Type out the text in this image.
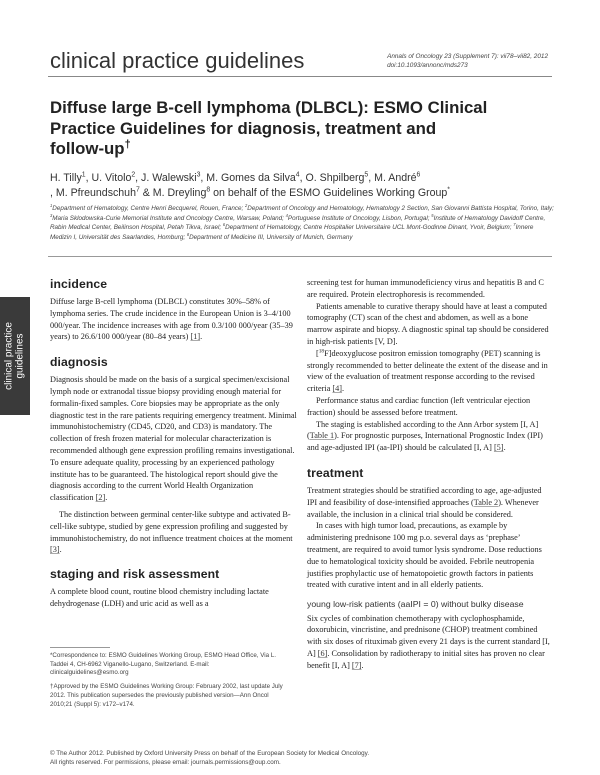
clinical practice guidelines	Annals of Oncology 23 (Supplement 7): vii78–vii82, 2012
doi:10.1093/annonc/mds273
Diffuse large B-cell lymphoma (DLBCL): ESMO Clinical
Practice Guidelines for diagnosis, treatment and
follow-up†
H. Tilly$^1$, U. Vitolo$^2$, J. Walewski$^3$, M. Gomes da Silva$^4$, O. Shpilberg$^5$, M. André$^6$
, M. Pfreundschuh$^7$ & M. Dreyling$^8$ on behalf of the ESMO Guidelines Working Group*
$^1$Department of Hematology, Centre Henri Becquerel, Rouen, France; $^2$Department of Oncology and Hematology, Hematology 2 Section, San Giovanni Battista Hospital, Torino, Italy; $^3$Maria Sklodowska-Curie Memorial Institute and Oncology Centre, Warsaw, Poland; $^4$Portuguese Institute of Oncology, Lisbon, Portugal; $^5$Institute of Hematology Davidoff Centre, Rabin Medical Center, Beilinson Hospital, Petah Tikva, Israel; $^6$Department of Hematology, Centre Hospitalier Universitaire UCL Mont-Godinne Dinant, Yvoir, Belgium; $^7$Innere Medizin I, Universität des Saarlandes, Homburg; $^8$Department of Medicine III, University of Munich, Germany
clinical practice guidelines
incidence

Diffuse large B-cell lymphoma (DLBCL) constitutes 30%–58% of lymphoma series. The crude incidence in the European Union is 3–4/100 000/year. The incidence increases with age from 0.3/100 000/year (35–39 years) to 26.6/100 000/year (80–84 years) [1].

diagnosis

Diagnosis should be made on the basis of a surgical specimen/excisional lymph node or extranodal tissue biopsy providing enough material for formalin-fixed samples. Core biopsies may be appropriate as the only diagnostic test in the rare patients requiring emergency treatment. Minimal immunohistochemistry (CD45, CD20, and CD3) is mandatory. The collection of fresh frozen material for molecular characterization is recommended although gene expression profiling remains investigational. To ensure adequate quality, processing by an experienced pathology institute has to be guaranteed. The histological report should give the diagnosis according to the current World Health Organization classification [2].

The distinction between germinal center-like subtype and activated B-cell-like subtype, studied by gene expression profiling and suggested by immunohistochemistry, do not influence treatment choices at the moment [3].

staging and risk assessment

A complete blood count, routine blood chemistry including lactate dehydrogenase (LDH) and uric acid as well as a

*Correspondence to: ESMO Guidelines Working Group, ESMO Head Office, Via L. Taddei 4, CH-6962 Viganello-Lugano, Switzerland. E-mail: clinicalguidelines@esmo.org
†Approved by the ESMO Guidelines Working Group: February 2002, last update July 2012. This publication supersedes the previously published version—Ann Oncol 2010;21 (Suppl 5): v172–v174.

screening test for human immunodeficiency virus and hepatitis B and C are required. Protein electrophoresis is recommended.

Patients amenable to curative therapy should have at least a computed tomography (CT) scan of the chest and abdomen, as well as a bone marrow aspirate and biopsy. A diagnostic spinal tap should be considered in high-risk patients [V, D].

[$^{18}$F]deoxyglucose positron emission tomography (PET) scanning is strongly recommended to better delineate the extent of the disease and in view of the evaluation of treatment response according to the revised criteria [4].

Performance status and cardiac function (left ventricular ejection fraction) should be assessed before treatment.

The staging is established according to the Ann Arbor system [I, A] (Table 1). For prognostic purposes, International Prognostic Index (IPI) and age-adjusted IPI (aa-IPI) should be calculated [I, A] [5].

treatment

Treatment strategies should be stratified according to age, age-adjusted IPI and feasibility of dose-intensified approaches (Table 2). Whenever available, the inclusion in a clinical trial should be considered.

In cases with high tumor load, precautions, as example by administering prednisone 100 mg p.o. several days as ‘prephase’ treatment, are required to avoid tumor lysis syndrome. Dose reductions due to hematological toxicity should be avoided. Febrile neutropenia justifies prophylactic use of hematopoietic growth factors in patients treated with curative intent and in all elderly patients.

young low-risk patients (aaIPI = 0) without bulky disease

Six cycles of combination chemotherapy with cyclophosphamide, doxorubicin, vincristine, and prednisone (CHOP) treatment combined with six doses of rituximab given every 21 days is the current standard [I, A] [6]. Consolidation by radiotherapy to initial sites has proven no clear benefit [I, A] [7].

© The Author 2012. Published by Oxford University Press on behalf of the European Society for Medical Oncology.
All rights reserved. For permissions, please email: journals.permissions@oup.com.
